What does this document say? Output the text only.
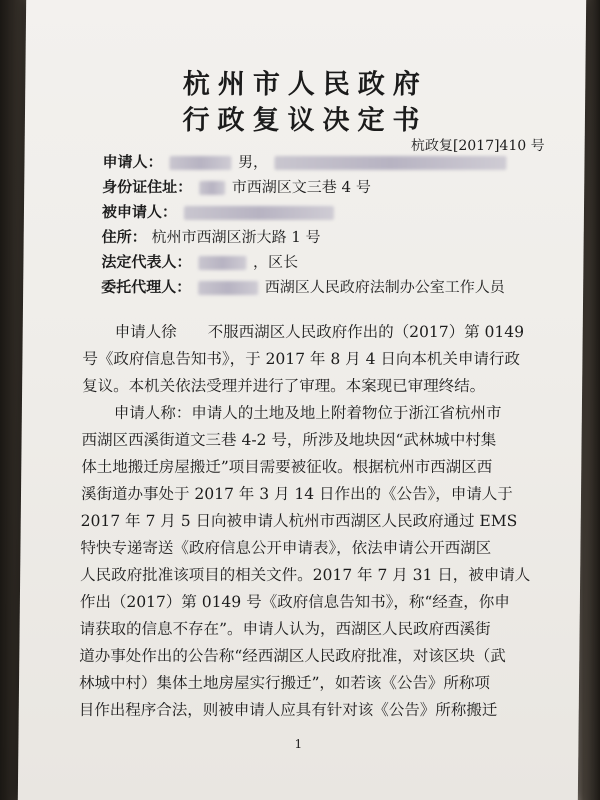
杭州市人民政府
行政复议决定书
杭政复[2017]410 号
申请人：	男，
身份证住址：	市西湖区文三巷 4 号
被申请人：
住所： 杭州市西湖区浙大路 1 号
法定代表人：	，区长
委托代理人：	西湖区人民政府法制办公室工作人员
申请人徐　　不服西湖区人民政府作出的（2017）第 0149
号《政府信息告知书》，于 2017 年 8 月 4 日向本机关申请行政
复议。本机关依法受理并进行了审理。本案现已审理终结。
申请人称：申请人的土地及地上附着物位于浙江省杭州市
西湖区西溪街道文三巷 4-2 号，所涉及地块因“武林城中村集
体土地搬迁房屋搬迁”项目需要被征收。根据杭州市西湖区西
溪街道办事处于 2017 年 3 月 14 日作出的《公告》，申请人于
2017 年 7 月 5 日向被申请人杭州市西湖区人民政府通过 EMS
特快专递寄送《政府信息公开申请表》，依法申请公开西湖区
人民政府批准该项目的相关文件。2017 年 7 月 31 日，被申请人
作出（2017）第 0149 号《政府信息告知书》，称“经查，你申
请获取的信息不存在”。申请人认为，西湖区人民政府西溪街
道办事处作出的公告称“经西湖区人民政府批准，对该区块（武
林城中村）集体土地房屋实行搬迁”，如若该《公告》所称项
目作出程序合法，则被申请人应具有针对该《公告》所称搬迁
1
